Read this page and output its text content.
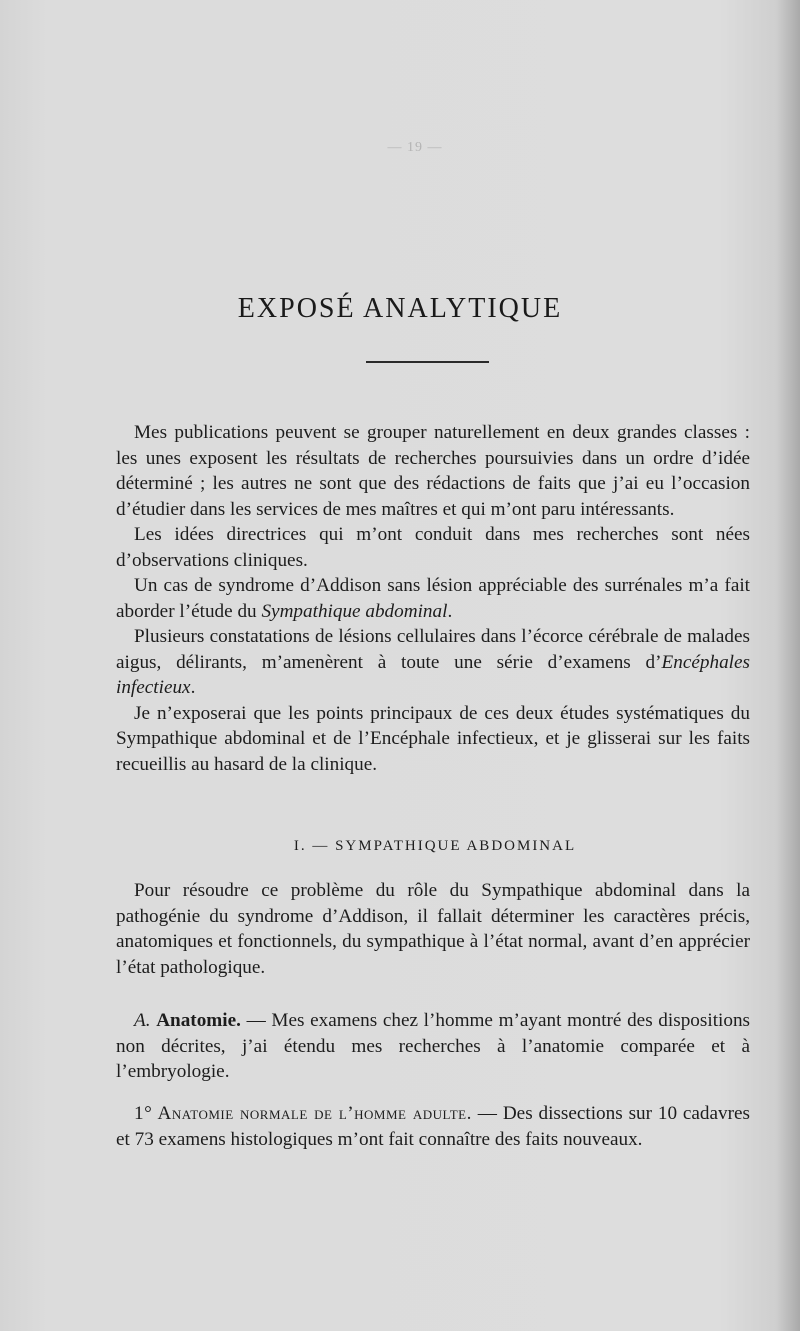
— 19 —
EXPOSÉ ANALYTIQUE

Mes publications peuvent se grouper naturellement en deux grandes classes : les unes exposent les résultats de recherches poursuivies dans un ordre d’idée déterminé ; les autres ne sont que des rédactions de faits que j’ai eu l’occasion d’étudier dans les services de mes maîtres et qui m’ont paru intéressants.

Les idées directrices qui m’ont conduit dans mes recherches sont nées d’observations cliniques.

Un cas de syndrome d’Addison sans lésion appréciable des surrénales m’a fait aborder l’étude du Sympathique abdominal.

Plusieurs constatations de lésions cellulaires dans l’écorce cérébrale de malades aigus, délirants, m’amenèrent à toute une série d’examens d’Encéphales infectieux.

Je n’exposerai que les points principaux de ces deux études systématiques du Sympathique abdominal et de l’Encéphale infectieux, et je glisserai sur les faits recueillis au hasard de la clinique.

I. — SYMPATHIQUE ABDOMINAL

Pour résoudre ce problème du rôle du Sympathique abdominal dans la pathogénie du syndrome d’Addison, il fallait déterminer les caractères précis, anatomiques et fonctionnels, du sympathique à l’état normal, avant d’en apprécier l’état pathologique.

A. Anatomie. — Mes examens chez l’homme m’ayant montré des dispositions non décrites, j’ai étendu mes recherches à l’anatomie comparée et à l’embryologie.

1° Anatomie normale de l’homme adulte. — Des dissections sur 10 cadavres et 73 examens histologiques m’ont fait connaître des faits nouveaux.
